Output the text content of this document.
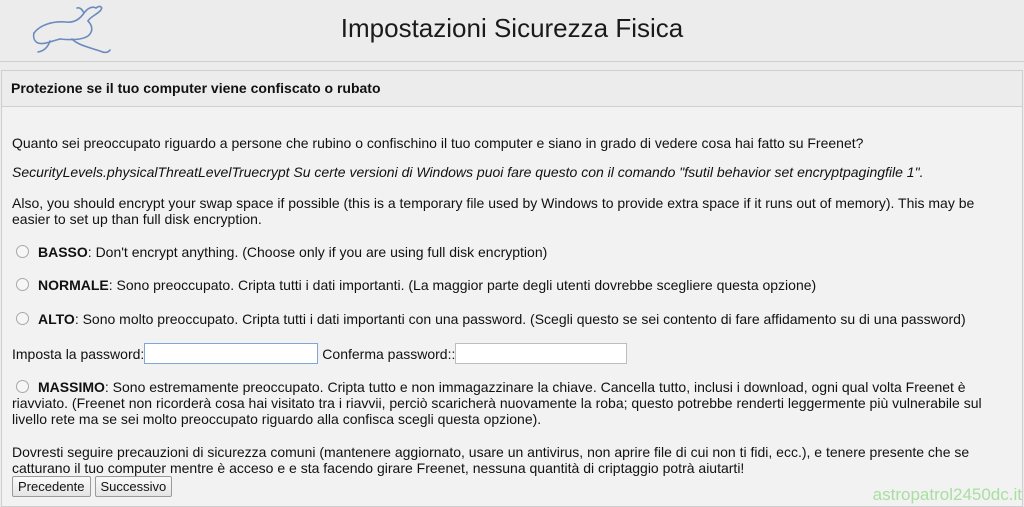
Impostazioni Sicurezza Fisica
Protezione se il tuo computer viene confiscato o rubato

Quanto sei preoccupato riguardo a persone che rubino o confischino il tuo computer e siano in grado di vedere cosa hai fatto su Freenet?

SecurityLevels.physicalThreatLevelTruecrypt Su certe versioni di Windows puoi fare questo con il comando "fsutil behavior set encryptpagingfile 1".

Also, you should encrypt your swap space if possible (this is a temporary file used by Windows to provide extra space if it runs out of memory). This may be easier to set up than full disk encryption.

BASSO: Don't encrypt anything. (Choose only if you are using full disk encryption)
NORMALE: Sono preoccupato. Cripta tutti i dati importanti. (La maggior parte degli utenti dovrebbe scegliere questa opzione)
ALTO: Sono molto preoccupato. Cripta tutti i dati importanti con una password. (Scegli questo se sei contento di fare affidamento su di una password)
Imposta la password:	Conferma password::
MASSIMO: Sono estremamente preoccupato. Cripta tutto e non immagazzinare la chiave. Cancella tutto, inclusi i download, ogni qual volta Freenet è riavviato. (Freenet non ricorderà cosa hai visitato tra i riavvii, perciò scaricherà nuovamente la roba; questo potrebbe renderti leggermente più vulnerabile sul livello rete ma se sei molto preoccupato riguardo alla confisca scegli questa opzione).

Dovresti seguire precauzioni di sicurezza comuni (mantenere aggiornato, usare un antivirus, non aprire file di cui non ti fidi, ecc.), e tenere presente che se catturano il tuo computer mentre è acceso e e sta facendo girare Freenet, nessuna quantità di criptaggio potrà aiutarti!

Precedente	Successivo	astropatrol2450dc.it
